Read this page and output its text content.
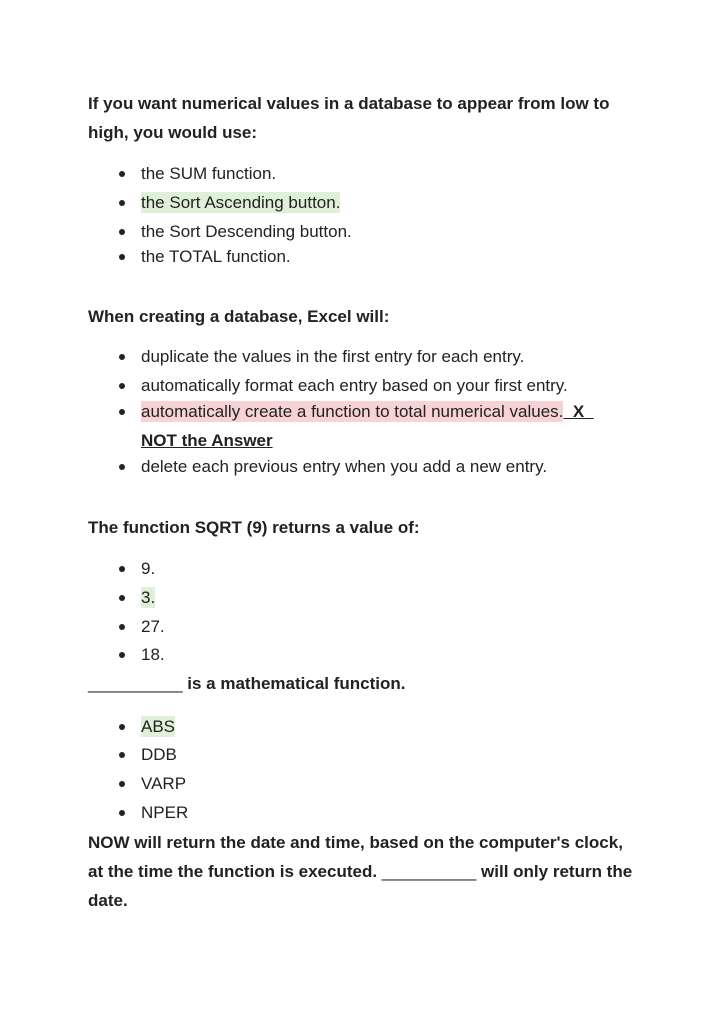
If you want numerical values in a database to appear from low to high, you would use:

the SUM function.
the Sort Ascending button.
the Sort Descending button.
the TOTAL function.

When creating a database, Excel will:

duplicate the values in the first entry for each entry.
automatically format each entry based on your first entry.
automatically create a function to total numerical values.  X
NOT the Answer
delete each previous entry when you add a new entry.

The function SQRT (9) returns a value of:

9.
3.
27.
18.

__________ is a mathematical function.

ABS
DDB
VARP
NPER

NOW will return the date and time, based on the computer's clock, at the time the function is executed. __________ will only return the date.
